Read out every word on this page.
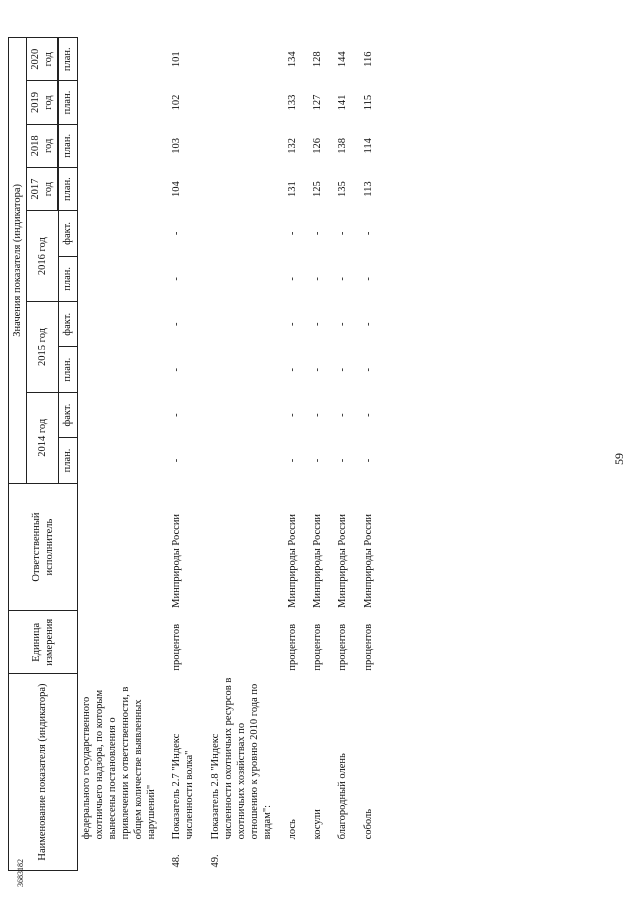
3683182
59
Наименование показателя (индикатора)		Единица измерения	Ответственный исполнитель	Значения показателя (индикатора)									
				2014 год		2015 год		2016 год		2017 год	2018 год	2019 год	2020 год

				план.	факт.	план.	факт.	план.	факт.	план.	план.	план.	план.
	федерального государственного охотничьего надзора, по которым вынесены постановления о привлечении к ответственности, в общем количестве выявленных нарушений"												
48.	Показатель 2.7 "Индекс численности волка"	процентов	Минприроды России	-	-	-	-	-	-	104	103	102	101
49.	Показатель 2.8 "Индекс численности охотничьих ресурсов в охотничьих хозяйствах по отношению к уровню 2010 года по видам":												
	лось	процентов	Минприроды России	-	-	-	-	-	-	131	132	133	134
	косули	процентов	Минприроды России	-	-	-	-	-	-	125	126	127	128
	благородный олень	процентов	Минприроды России	-	-	-	-	-	-	135	138	141	144
	соболь	процентов	Минприроды России	-	-	-	-	-	-	113	114	115	116
